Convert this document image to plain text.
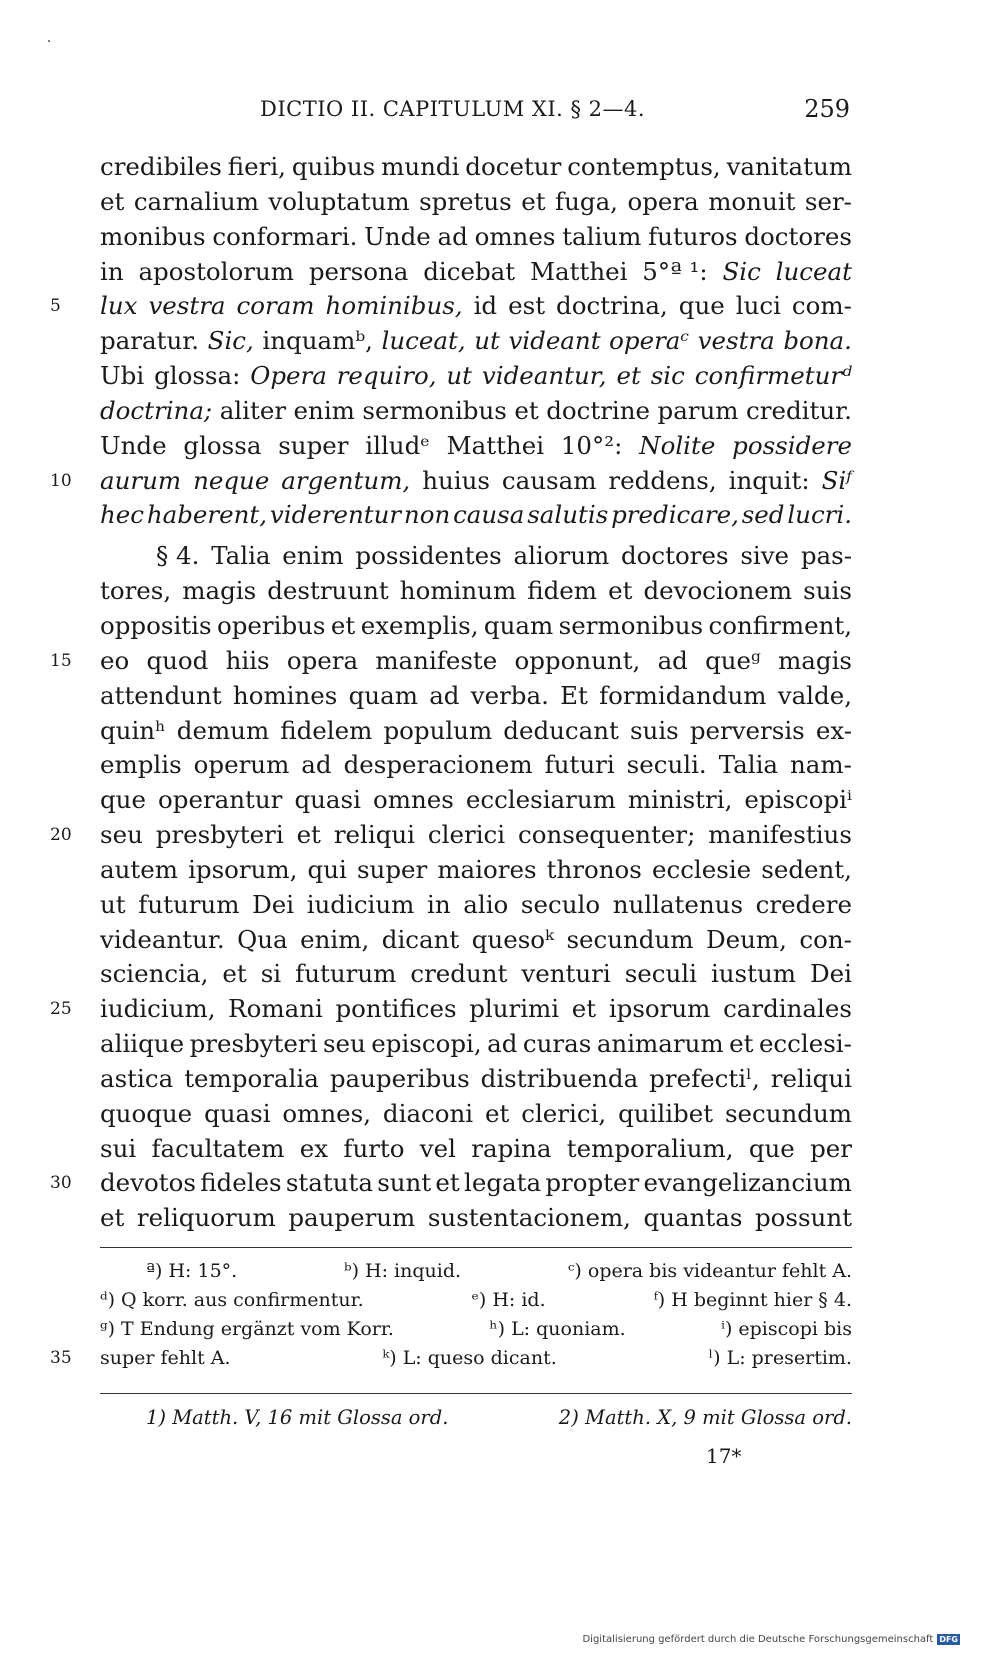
DICTIO II. CAPITULUM XI. § 2—4.	259
credibiles fieri, quibus mundi docetur contemptus, vanitatum
et carnalium voluptatum spretus et fuga, opera monuit ser-
monibus conformari. Unde ad omnes talium futuros doctores
in apostolorum persona dicebat Matthei 5°ª ¹: Sic luceat
lux vestra coram hominibus, id est doctrina, que luci com-
5
paratur. Sic, inquamᵇ, luceat, ut videant operaᶜ vestra bona.
Ubi glossa: Opera requiro, ut videantur, et sic confirmeturᵈ
doctrina; aliter enim sermonibus et doctrine parum creditur.
Unde glossa super illudᵉ Matthei 10°²: Nolite possidere
aurum neque argentum, huius causam reddens, inquit: Siᶠ
10
hec haberent, viderentur non causa salutis predicare, sed lucri.
§ 4. Talia enim possidentes aliorum doctores sive pas-
tores, magis destruunt hominum fidem et devocionem suis
oppositis operibus et exemplis, quam sermonibus confirment,
eo quod hiis opera manifeste opponunt, ad queᵍ magis
15
attendunt homines quam ad verba. Et formidandum valde,
quinʰ demum fidelem populum deducant suis perversis ex-
emplis operum ad desperacionem futuri seculi. Talia nam-
que operantur quasi omnes ecclesiarum ministri, episcopiⁱ
seu presbyteri et reliqui clerici consequenter; manifestius
20
autem ipsorum, qui super maiores thronos ecclesie sedent,
ut futurum Dei iudicium in alio seculo nullatenus credere
videantur. Qua enim, dicant quesoᵏ secundum Deum, con-
sciencia, et si futurum credunt venturi seculi iustum Dei
iudicium, Romani pontifices plurimi et ipsorum cardinales
25
aliique presbyteri seu episcopi, ad curas animarum et ecclesi-
astica temporalia pauperibus distribuenda prefectiˡ, reliqui
quoque quasi omnes, diaconi et clerici, quilibet secundum
sui facultatem ex furto vel rapina temporalium, que per
devotos fideles statuta sunt et legata propter evangelizancium
30
et reliquorum pauperum sustentacionem, quantas possunt
ª) H: 15°.	ᵇ) H: inquid.	ᶜ) opera bis videantur fehlt A.
ᵈ) Q korr. aus confirmentur.	ᵉ) H: id.	ᶠ) H beginnt hier § 4.
ᵍ) T Endung ergänzt vom Korr.	ʰ) L: quoniam.	ⁱ) episcopi bis
super fehlt A.	ᵏ) L: queso dicant.	ˡ) L: presertim.
35
1) Matth. V, 16 mit Glossa ord.	2) Matth. X, 9 mit Glossa ord.
17*
Digitalisierung gefördert durch die Deutsche Forschungsgemeinschaft DFG
